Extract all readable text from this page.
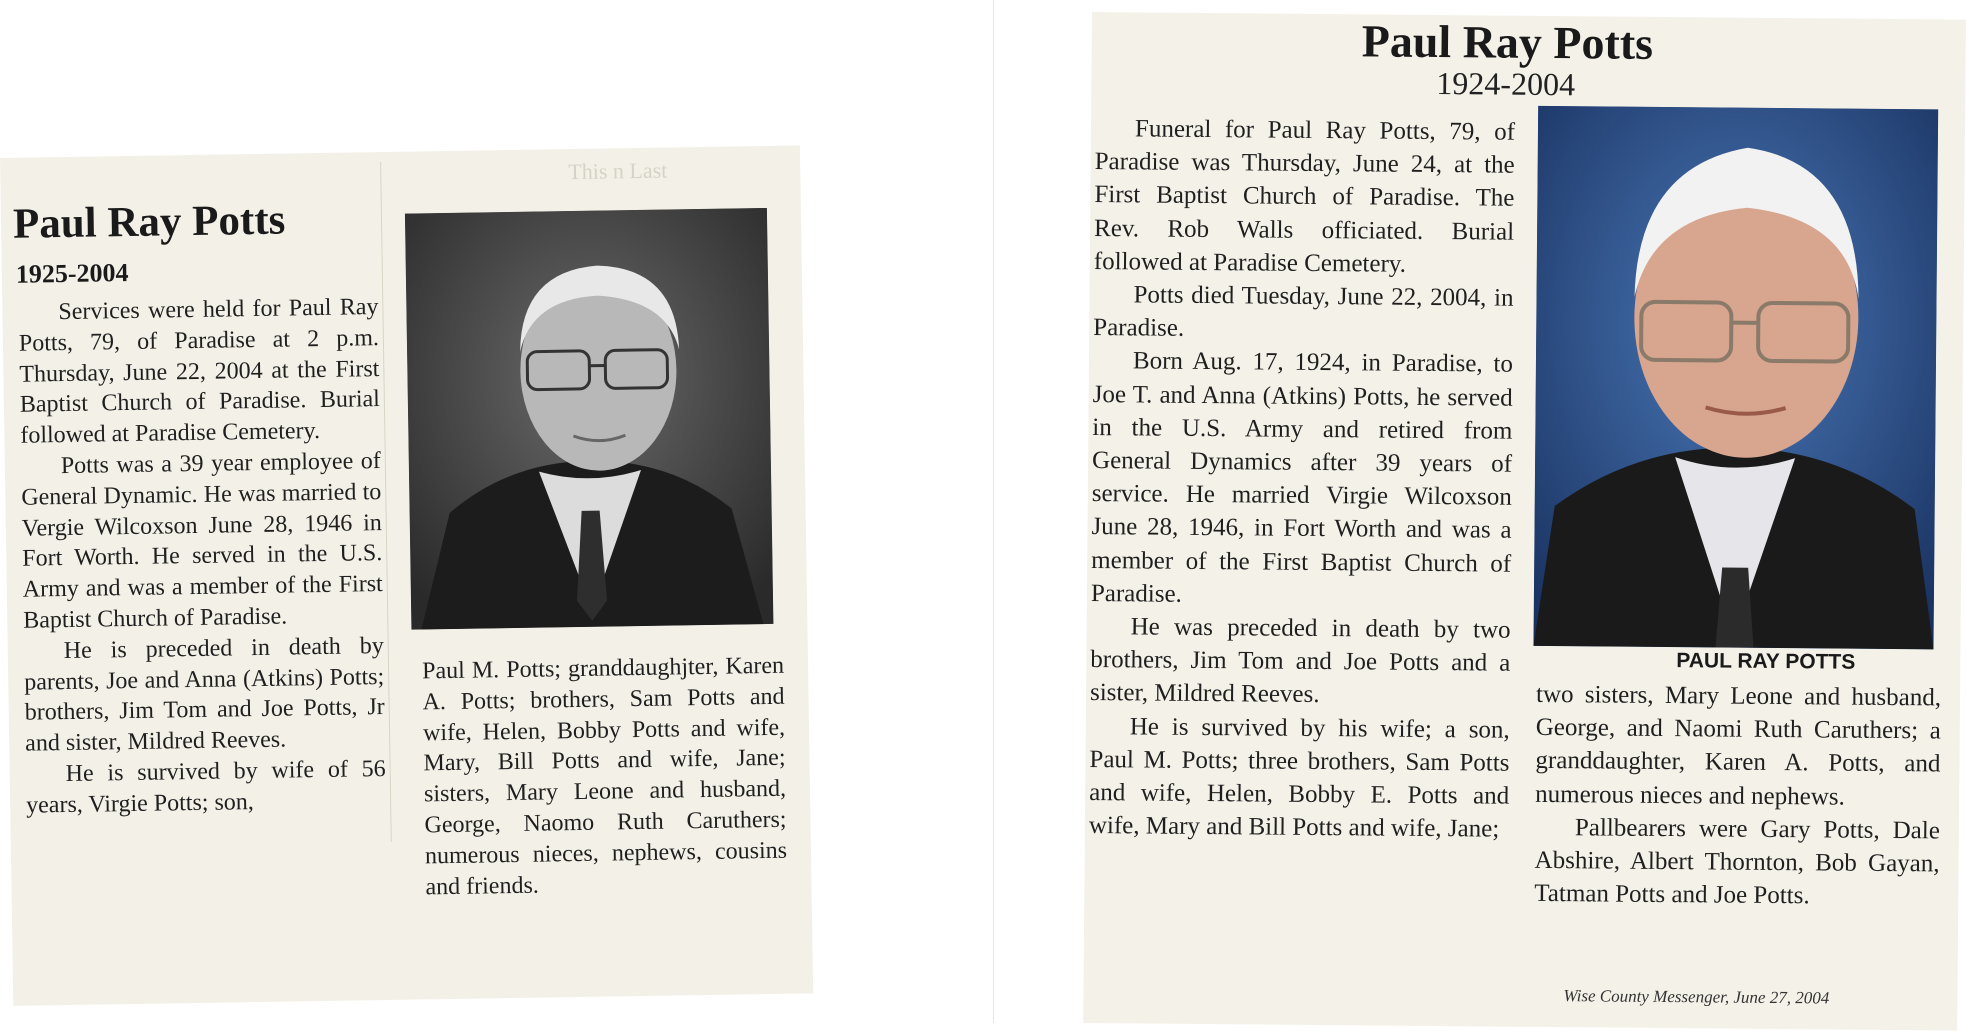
Paul Ray Potts
1925-2004

Services were held for Paul Ray Potts, 79, of Paradise at 2 p.m. Thursday, June 22, 2004 at the First Baptist Church of Paradise. Burial followed at Paradise Cemetery.

Potts was a 39 year employee of General Dynamic. He was married to Vergie Wilcoxson June 28, 1946 in Fort Worth. He served in the U.S. Army and was a member of the First Baptist Church of Paradise.

He is preceded in death by parents, Joe and Anna (Atkins) Potts; brothers, Jim Tom and Joe Potts, Jr and sister, Mildred Reeves.

He is survived by wife of 56 years, Virgie Potts; son,

Paul M. Potts; granddaughjter, Karen A. Potts; brothers, Sam Potts and wife, Helen, Bobby Potts and wife, Mary, Bill Potts and wife, Jane; sisters, Mary Leone and husband, George, Naomo Ruth Caruthers; numerous nieces, nephews, cousins and friends.

This n Last
Paul Ray Potts
1924-2004

Funeral for Paul Ray Potts, 79, of Paradise was Thursday, June 24, at the First Baptist Church of Paradise. The Rev. Rob Walls officiated. Burial followed at Paradise Cemetery.

Potts died Tuesday, June 22, 2004, in Paradise.

Born Aug. 17, 1924, in Paradise, to Joe T. and Anna (Atkins) Potts, he served in the U.S. Army and retired from General Dynamics after 39 years of service. He married Virgie Wilcoxson June 28, 1946, in Fort Worth and was a member of the First Baptist Church of Paradise.

He was preceded in death by two brothers, Jim Tom and Joe Potts and a sister, Mildred Reeves.

He is survived by his wife; a son, Paul M. Potts; three brothers, Sam Potts and wife, Helen, Bobby E. Potts and wife, Mary and Bill Potts and wife, Jane;

PAUL RAY POTTS

two sisters, Mary Leone and husband, George, and Naomi Ruth Caruthers; a granddaughter, Karen A. Potts, and numerous nieces and nephews.

Pallbearers were Gary Potts, Dale Abshire, Albert Thornton, Bob Gayan, Tatman Potts and Joe Potts.

Wise County Messenger, June 27, 2004
